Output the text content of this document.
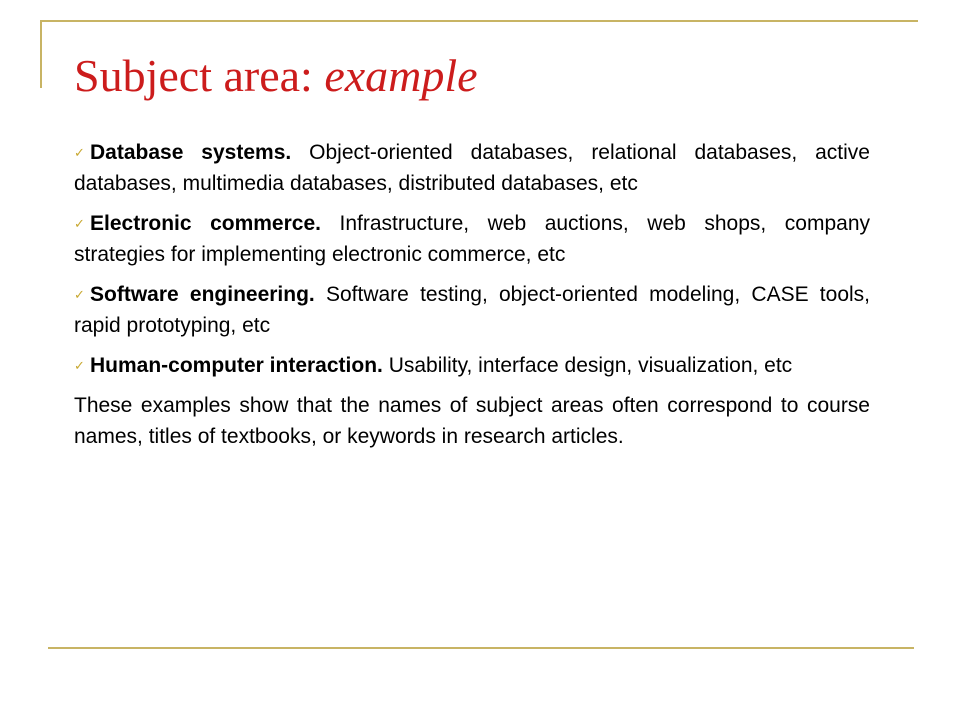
Subject area: example
✓ Database systems. Object-oriented databases, relational databases, active databases, multimedia databases, distributed databases, etc
✓ Electronic commerce. Infrastructure, web auctions, web shops, company strategies for implementing electronic commerce, etc
✓ Software engineering. Software testing, object-oriented modeling, CASE tools, rapid prototyping, etc
✓ Human-computer interaction. Usability, interface design, visualization, etc

These examples show that the names of subject areas often correspond to course names, titles of textbooks, or keywords in research articles.
